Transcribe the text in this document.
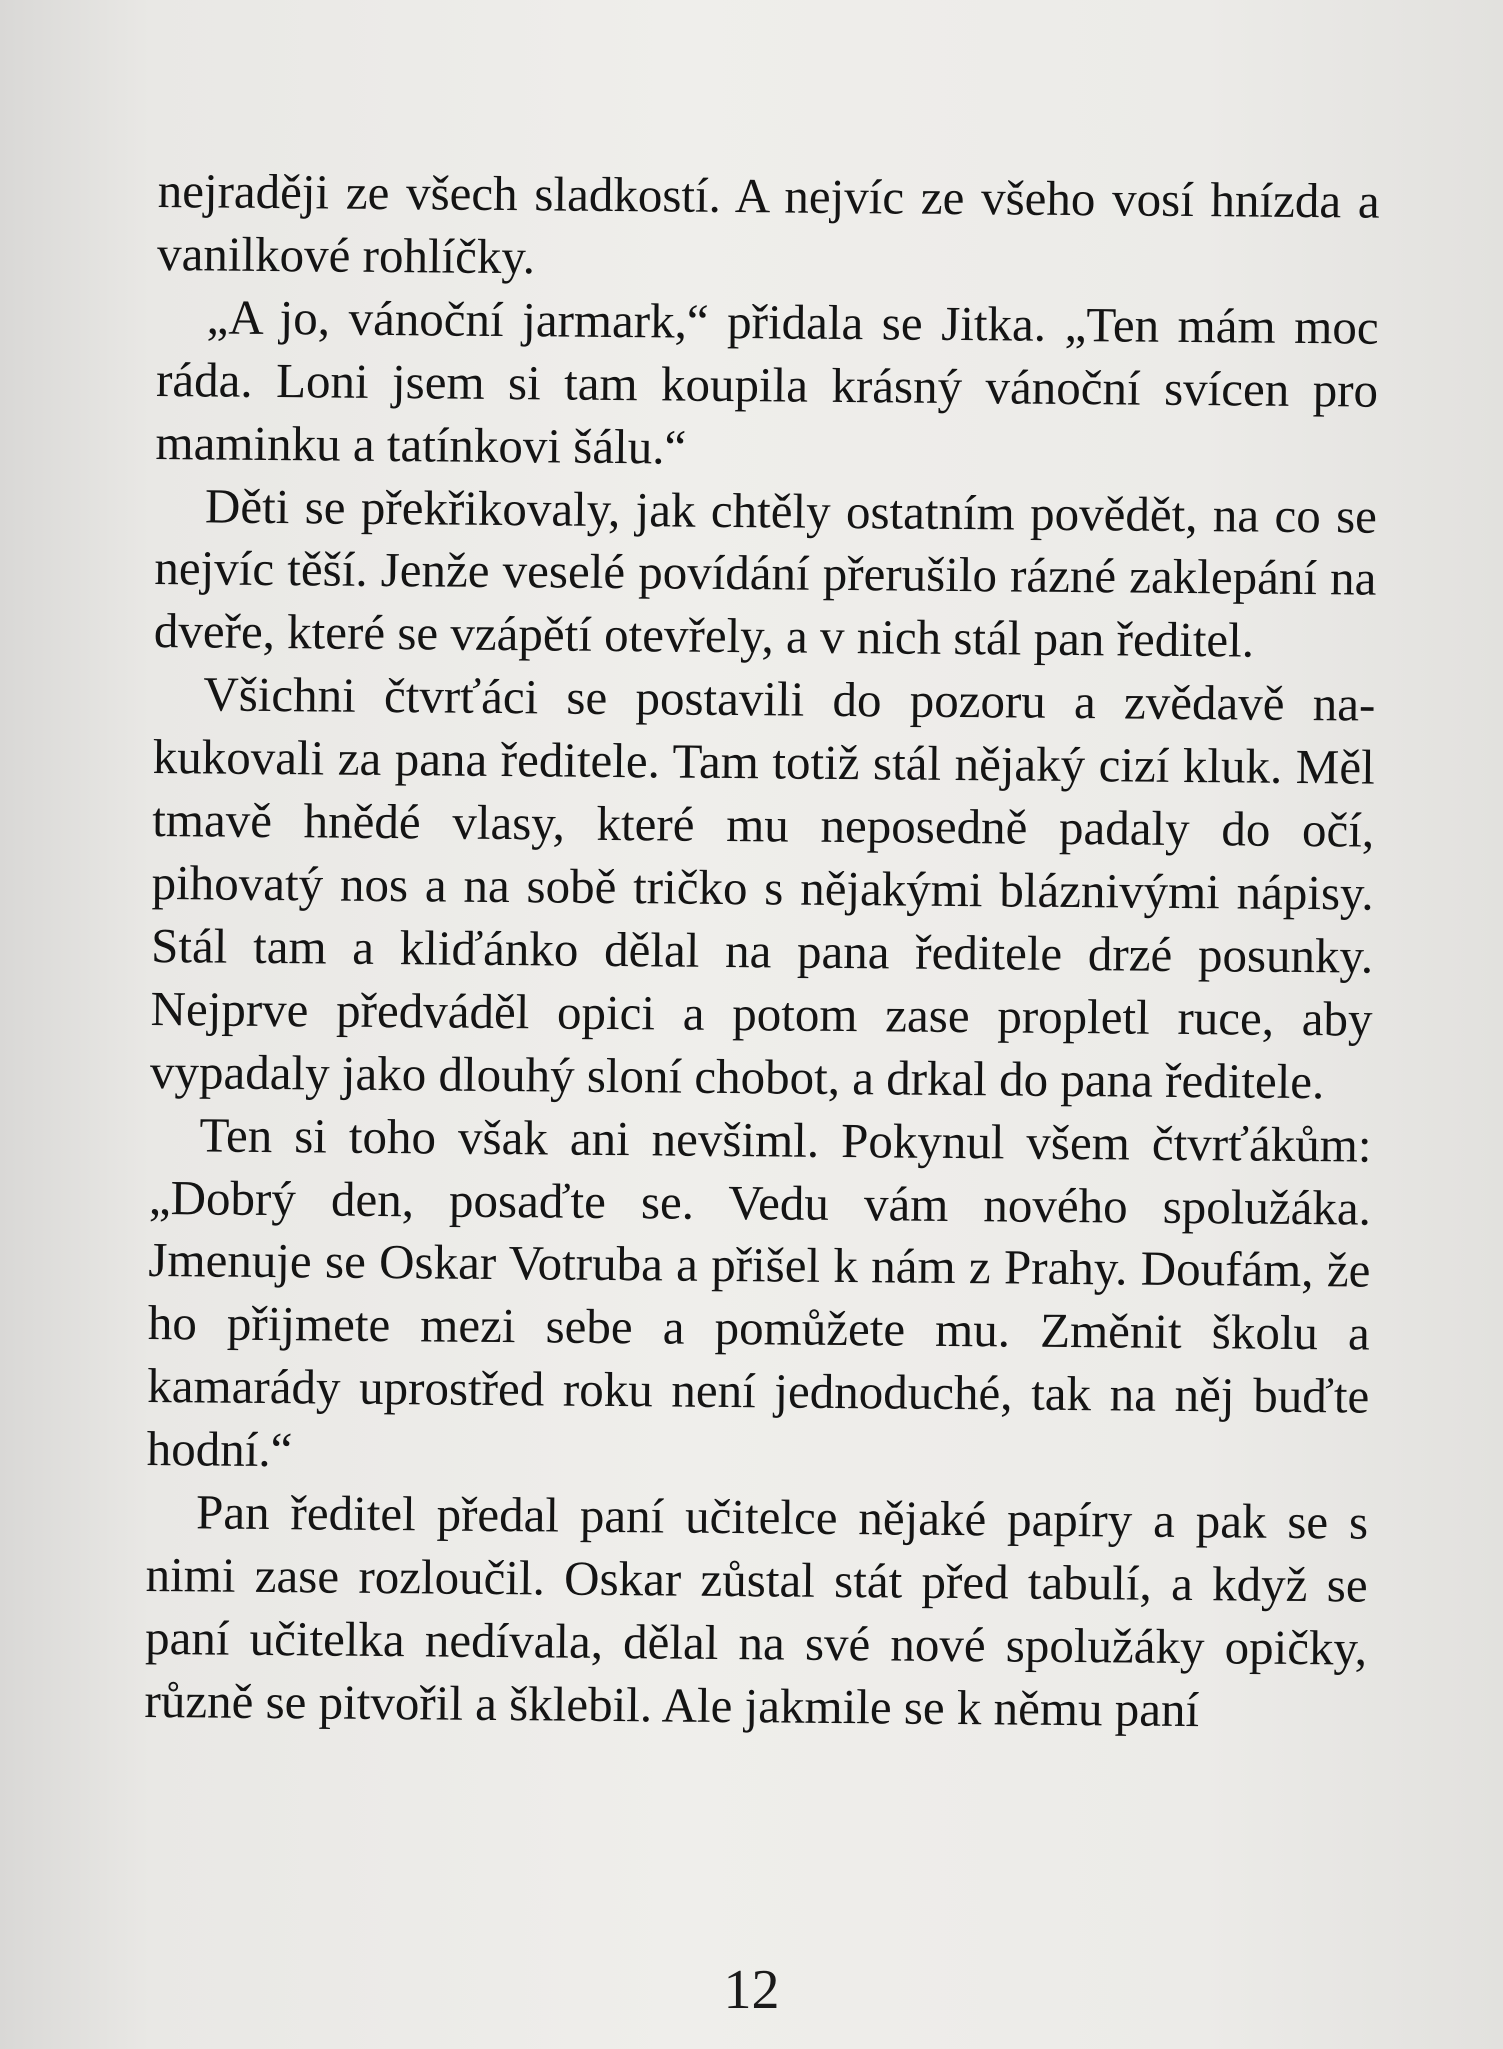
nejraději ze všech sladkostí. A nejvíc ze všeho vosí hnízda a vanilkové rohlíčky.

„A jo, vánoční jarmark,“ přidala se Jitka. „Ten mám moc ráda. Loni jsem si tam koupila krásný vánoční svícen pro maminku a tatínkovi šálu.“

Děti se překřikovaly, jak chtěly ostatním povědět, na co se nejvíc těší. Jenže veselé povídání přerušilo rázné zaklepání na dveře, které se vzápětí otevřely, a v nich stál pan ředitel.

Všichni čtvrťáci se postavili do pozoru a zvědavě nakukovali za pana ředitele. Tam totiž stál nějaký cizí kluk. Měl tmavě hnědé vlasy, které mu neposedně padaly do očí, pihovatý nos a na sobě tričko s nějakými bláznivými nápisy. Stál tam a kliďánko dělal na pana ředitele drzé posunky. Nejprve předváděl opici a potom zase propletl ruce, aby vypadaly jako dlouhý sloní chobot, a drkal do pana ředitele.

Ten si toho však ani nevšiml. Pokynul všem čtvrťákům: „Dobrý den, posaďte se. Vedu vám nového spolužáka. Jmenuje se Oskar Votruba a přišel k nám z Prahy. Doufám, že ho přijmete mezi sebe a pomůžete mu. Změnit školu a kamarády uprostřed roku není jednoduché, tak na něj buďte hodní.“

Pan ředitel předal paní učitelce nějaké papíry a pak se s nimi zase rozloučil. Oskar zůstal stát před tabulí, a když se paní učitelka nedívala, dělal na své nové spolužáky opičky, různě se pitvořil a šklebil. Ale jakmile se k němu paní

12
